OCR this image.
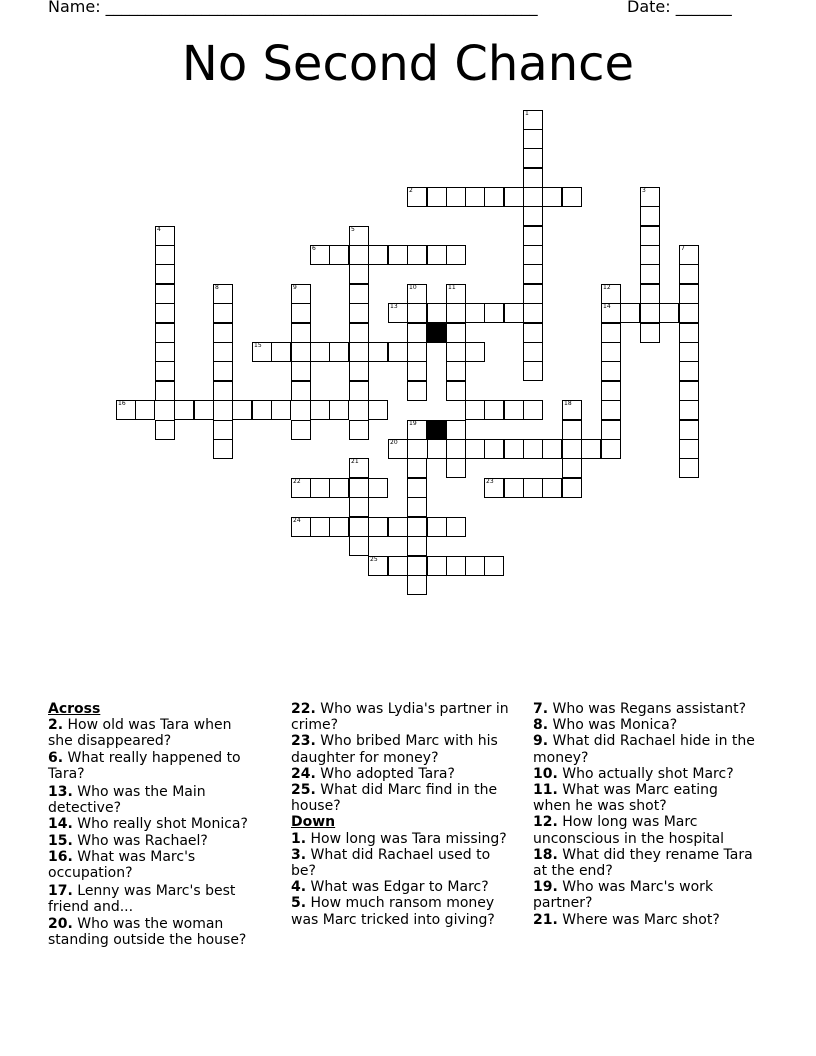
Name: ______________________________________________________	Date: _______
No Second Chance
1
2	3
4	5
6	7
8	9	10
19
11	12
14
13
15
16	18
20
21
22	23
24
25
Across
2. How old was Tara when she disappeared?
6. What really happened to Tara?
13. Who was the Main detective?
14. Who really shot Monica?
15. Who was Rachael?
16. What was Marc's occupation?
17. Lenny was Marc's best friend and...
20. Who was the woman standing outside the house?
22. Who was Lydia's partner in crime?
23. Who bribed Marc with his daughter for money?
24. Who adopted Tara?
25. What did Marc find in the house?
Down
1. How long was Tara missing?
3. What did Rachael used to be?
4. What was Edgar to Marc?
5. How much ransom money was Marc tricked into giving?
7. Who was Regans assistant?
8. Who was Monica?
9. What did Rachael hide in the money?
10. Who actually shot Marc?
11. What was Marc eating when he was shot?
12. How long was Marc unconscious in the hospital
18. What did they rename Tara at the end?
19. Who was Marc's work partner?
21. Where was Marc shot?
